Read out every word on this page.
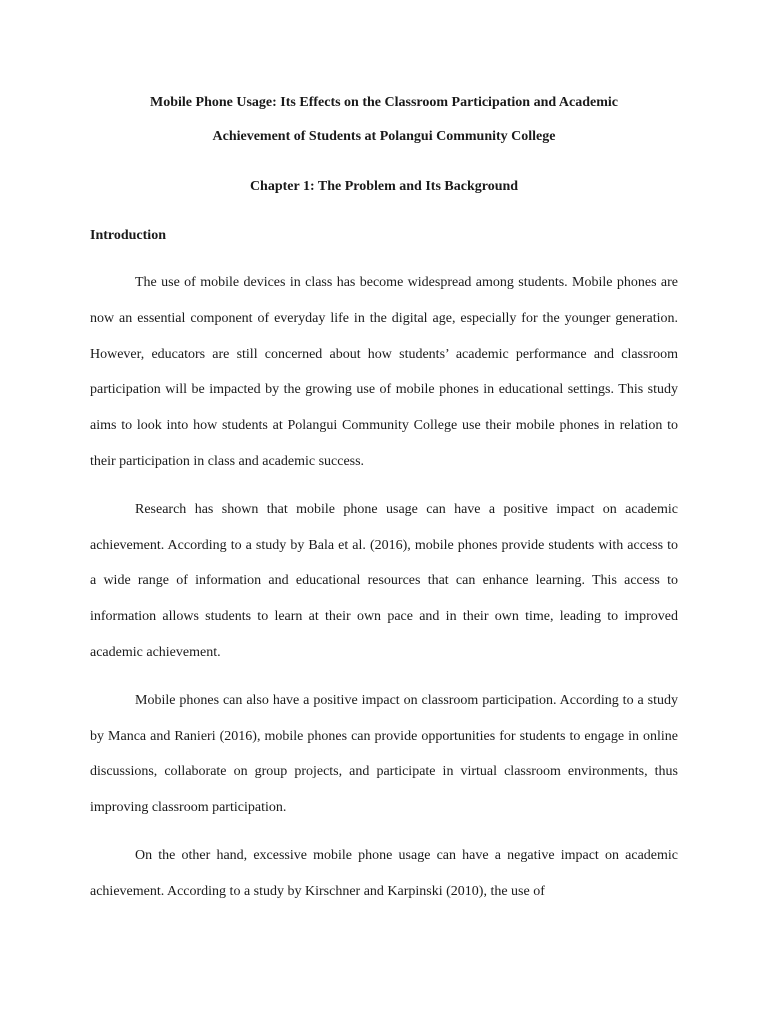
Mobile Phone Usage: Its Effects on the Classroom Participation and Academic

Achievement of Students at Polangui Community College

Chapter 1: The Problem and Its Background

Introduction

The use of mobile devices in class has become widespread among students. Mobile phones are now an essential component of everyday life in the digital age, especially for the younger generation. However, educators are still concerned about how students’ academic performance and classroom participation will be impacted by the growing use of mobile phones in educational settings. This study aims to look into how students at Polangui Community College use their mobile phones in relation to their participation in class and academic success.

Research has shown that mobile phone usage can have a positive impact on academic achievement. According to a study by Bala et al. (2016), mobile phones provide students with access to a wide range of information and educational resources that can enhance learning. This access to information allows students to learn at their own pace and in their own time, leading to improved academic achievement.

Mobile phones can also have a positive impact on classroom participation. According to a study by Manca and Ranieri (2016), mobile phones can provide opportunities for students to engage in online discussions, collaborate on group projects, and participate in virtual classroom environments, thus improving classroom participation.

On the other hand, excessive mobile phone usage can have a negative impact on academic achievement. According to a study by Kirschner and Karpinski (2010), the use of
